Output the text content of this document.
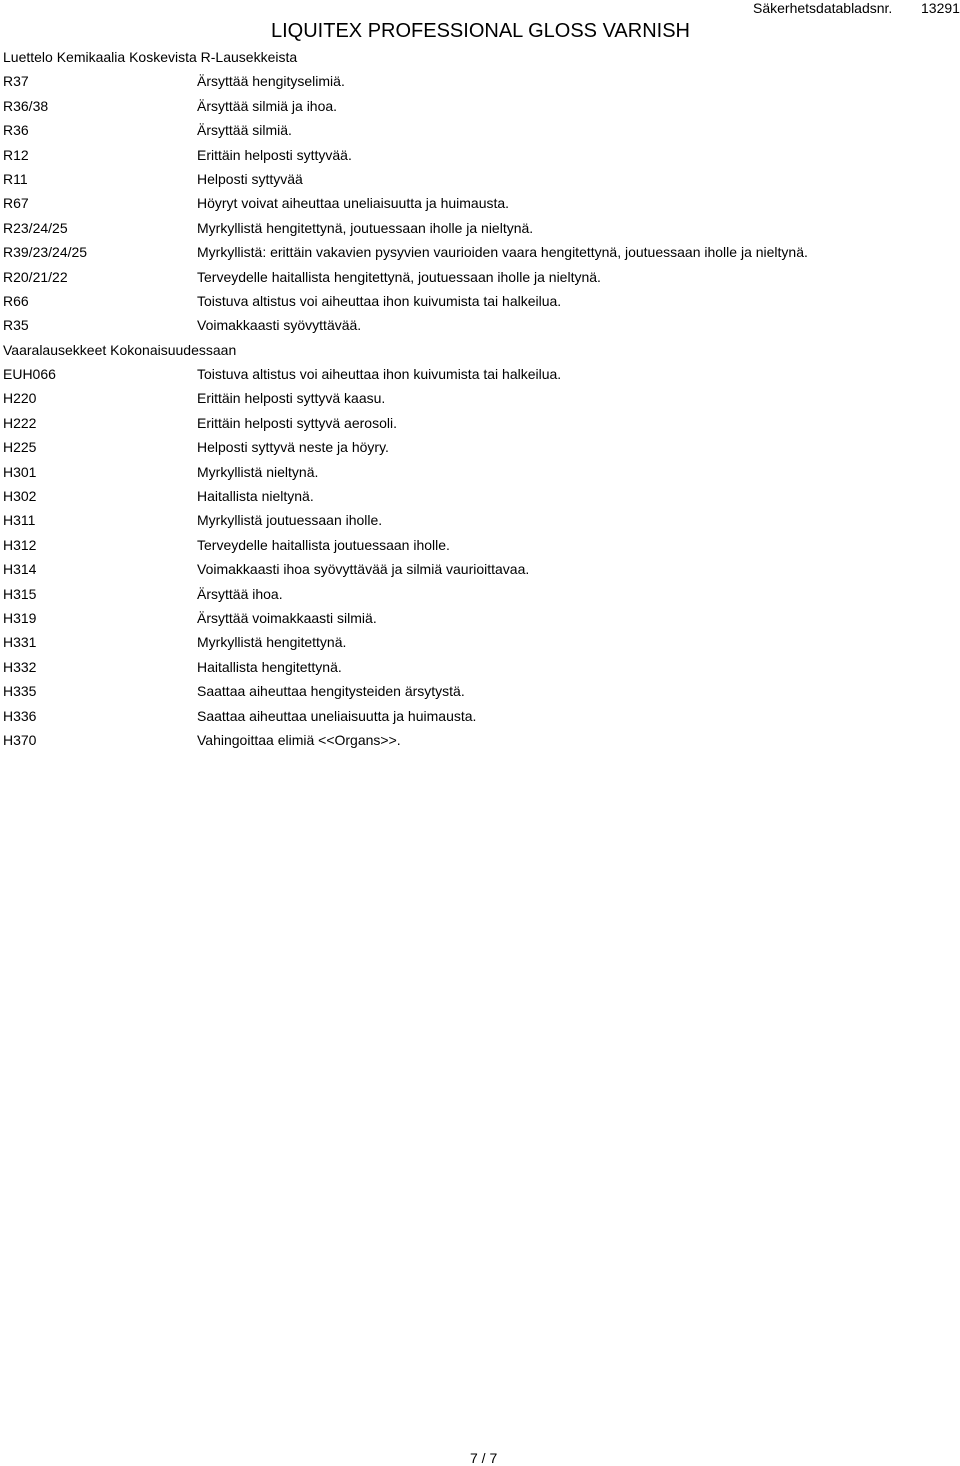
Säkerhetsdatabladsnr. 13291
LIQUITEX PROFESSIONAL GLOSS VARNISH
Luettelo Kemikaalia Koskevista R-Lausekkeista
R37	Ärsyttää hengityselimiä.
R36/38	Ärsyttää silmiä ja ihoa.
R36	Ärsyttää silmiä.
R12	Erittäin helposti syttyvää.
R11	Helposti syttyvää
R67	Höyryt voivat aiheuttaa uneliaisuutta ja huimausta.
R23/24/25	Myrkyllistä hengitettynä, joutuessaan iholle ja nieltynä.
R39/23/24/25	Myrkyllistä: erittäin vakavien pysyvien vaurioiden vaara hengitettynä, joutuessaan iholle ja nieltynä.
R20/21/22	Terveydelle haitallista hengitettynä, joutuessaan iholle ja nieltynä.
R66	Toistuva altistus voi aiheuttaa ihon kuivumista tai halkeilua.
R35	Voimakkaasti syövyttävää.
Vaaralausekkeet Kokonaisuudessaan
EUH066	Toistuva altistus voi aiheuttaa ihon kuivumista tai halkeilua.
H220	Erittäin helposti syttyvä kaasu.
H222	Erittäin helposti syttyvä aerosoli.
H225	Helposti syttyvä neste ja höyry.
H301	Myrkyllistä nieltynä.
H302	Haitallista nieltynä.
H311	Myrkyllistä joutuessaan iholle.
H312	Terveydelle haitallista joutuessaan iholle.
H314	Voimakkaasti ihoa syövyttävää ja silmiä vaurioittavaa.
H315	Ärsyttää ihoa.
H319	Ärsyttää voimakkaasti silmiä.
H331	Myrkyllistä hengitettynä.
H332	Haitallista hengitettynä.
H335	Saattaa aiheuttaa hengitysteiden ärsytystä.
H336	Saattaa aiheuttaa uneliaisuutta ja huimausta.
H370	Vahingoittaa elimiä <<Organs>>.
7 / 7
